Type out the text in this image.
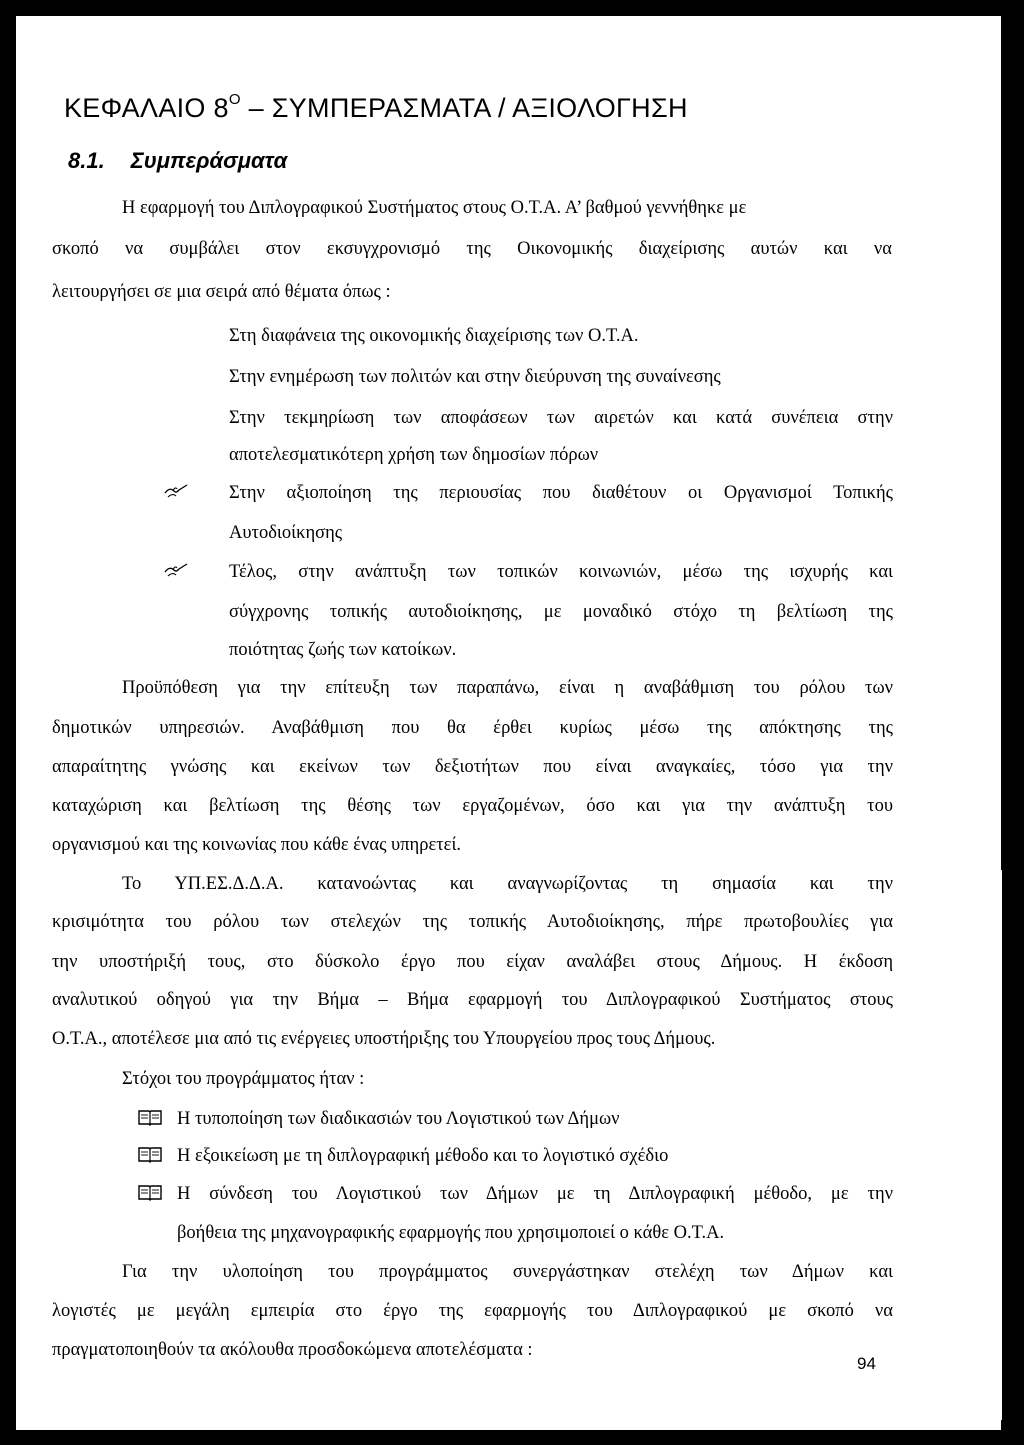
ΚΕΦΑΛΑΙΟ $8^O$ – ΣΥΜΠΕΡΑΣΜΑΤΑ / ΑΞΙΟΛΟΓΗΣΗ
8.1. Συμπεράσματα
Η εφαρμογή του Διπλογραφικού Συστήματος στους Ο.Τ.Α. Α’ βαθμού γεννήθηκε με
σκοπό να συμβάλει στον εκσυγχρονισμό της Οικονομικής διαχείρισης αυτών και να
λειτουργήσει σε μια σειρά από θέματα όπως :
Στη διαφάνεια της οικονομικής διαχείρισης των Ο.Τ.Α.
Στην ενημέρωση των πολιτών και στην διεύρυνση της συναίνεσης
Στην τεκμηρίωση των αποφάσεων των αιρετών και κατά συνέπεια στην
αποτελεσματικότερη χρήση των δημοσίων πόρων
Στην αξιοποίηση της περιουσίας που διαθέτουν οι Οργανισμοί Τοπικής
Αυτοδιοίκησης
Τέλος, στην ανάπτυξη των τοπικών κοινωνιών, μέσω της ισχυρής και
σύγχρονης τοπικής αυτοδιοίκησης, με μοναδικό στόχο τη βελτίωση της
ποιότητας ζωής των κατοίκων.
Προϋπόθεση για την επίτευξη των παραπάνω, είναι η αναβάθμιση του ρόλου των
δημοτικών υπηρεσιών. Αναβάθμιση που θα έρθει κυρίως μέσω της απόκτησης της
απαραίτητης γνώσης και εκείνων των δεξιοτήτων που είναι αναγκαίες, τόσο για την
καταχώριση και βελτίωση της θέσης των εργαζομένων, όσο και για την ανάπτυξη του
οργανισμού και της κοινωνίας που κάθε ένας υπηρετεί.
Το ΥΠ.ΕΣ.Δ.Δ.Α. κατανοώντας και αναγνωρίζοντας τη σημασία και την
κρισιμότητα του ρόλου των στελεχών της τοπικής Αυτοδιοίκησης, πήρε πρωτοβουλίες για
την υποστήριξή τους, στο δύσκολο έργο που είχαν αναλάβει στους Δήμους. Η έκδοση
αναλυτικού οδηγού για την Βήμα – Βήμα εφαρμογή του Διπλογραφικού Συστήματος στους
Ο.Τ.Α., αποτέλεσε μια από τις ενέργειες υποστήριξης του Υπουργείου προς τους Δήμους.
Στόχοι του προγράμματος ήταν :
Η τυποποίηση των διαδικασιών του Λογιστικού των Δήμων
Η εξοικείωση με τη διπλογραφική μέθοδο και το λογιστικό σχέδιο
Η σύνδεση του Λογιστικού των Δήμων με τη Διπλογραφική μέθοδο, με την
βοήθεια της μηχανογραφικής εφαρμογής που χρησιμοποιεί ο κάθε Ο.Τ.Α.
Για την υλοποίηση του προγράμματος συνεργάστηκαν στελέχη των Δήμων και
λογιστές με μεγάλη εμπειρία στο έργο της εφαρμογής του Διπλογραφικού με σκοπό να
πραγματοποιηθούν τα ακόλουθα προσδοκώμενα αποτελέσματα :
94
